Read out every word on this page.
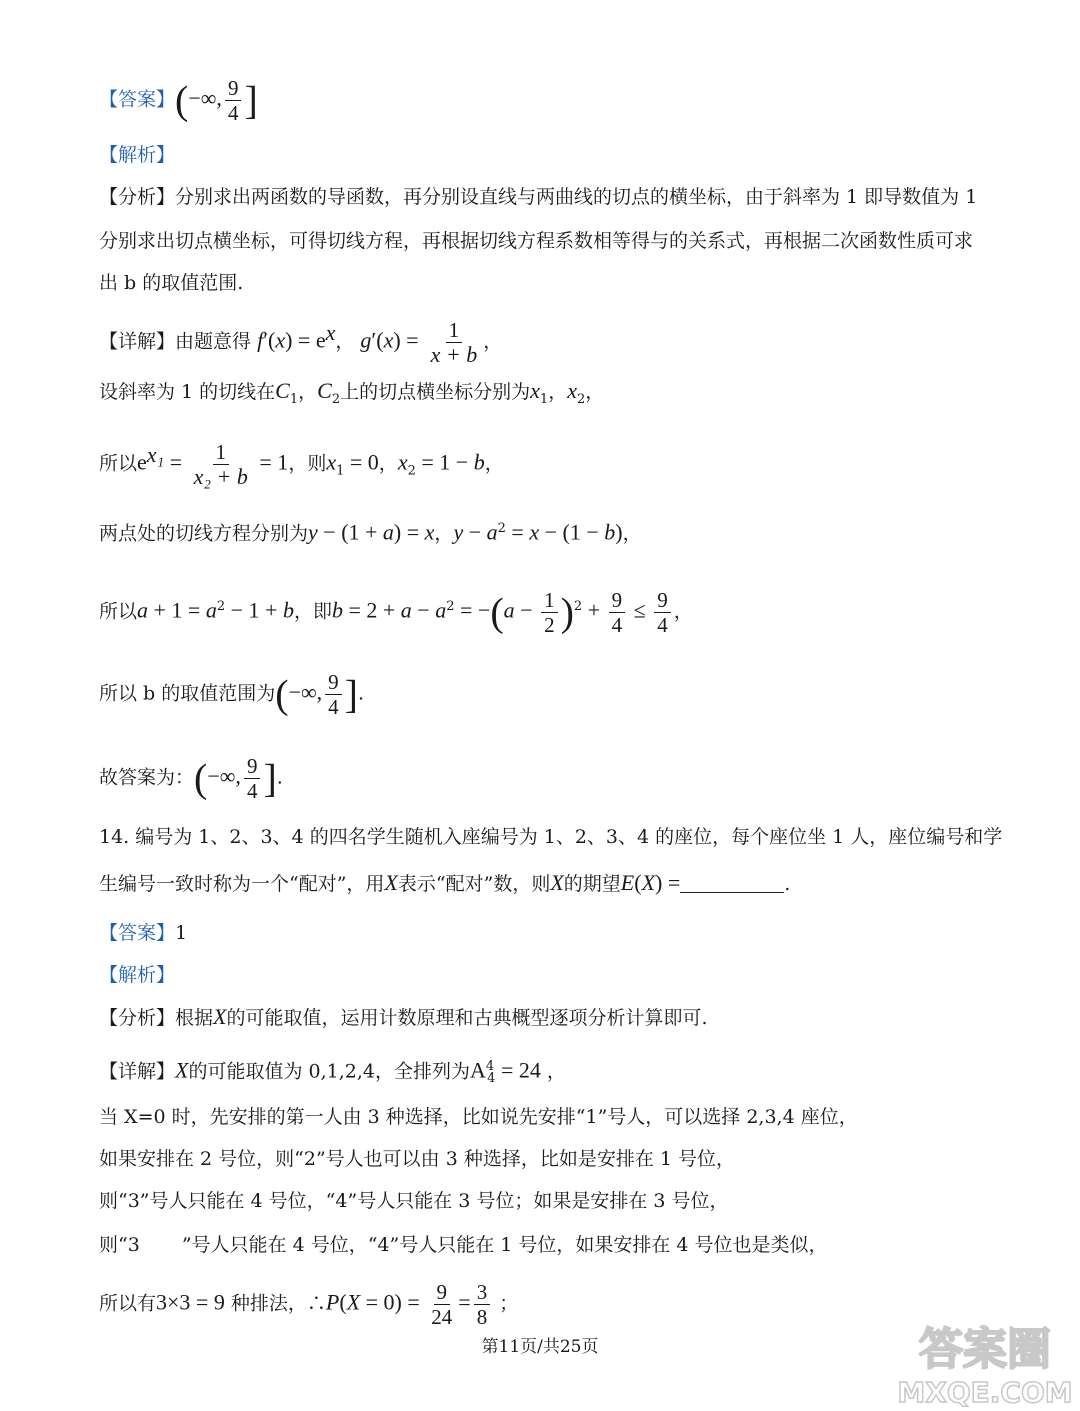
【答案】(−∞, $\frac{9}{4}$ ]
【解析】
【分析】分别求出两函数的导函数，再分别设直线与两曲线的切点的横坐标，由于斜率为 1 即导数值为 1
分别求出切点横坐标，可得切线方程，再根据切线方程系数相等得与的关系式，再根据二次函数性质可求
出 b 的取值范围.
【详解】由题意得 $f'(x) = e^x$， $g'(x) = \frac{1}{x + b}$ ，
设斜率为 1 的切线在$C_1$，$C_2$上的切点横坐标分别为$x_1$，$x_2$，
所以$e^{x_1} = \frac{1}{\text{x₂ + b}} = 1$，则$x_1 = 0$，$x_2 = 1 - b$，
两点处的切线方程分别为y − (1 + a) = x，$y - a^2 = x - (1 - b)$，
所以$a + 1 = a^2 - 1 + b$，即$b = 2 + a - a^2 = -(a - \frac{1}{2} )^2 + \frac{9}{4} \le \frac{9}{4}$ ，
所以 b 的取值范围为(−∞, $\frac{9}{4}$ ].
故答案为：(−∞, $\frac{9}{4}$ ].
14. 编号为 1、2、3、4 的四名学生随机入座编号为 1、2、3、4 的座位，每个座位坐 1 人，座位编号和学
生编号一致时称为一个“配对”，用X表示“配对”数，则X的期望E(X) =	.
【答案】1
【解析】
【分析】根据X的可能取值，运用计数原理和古典概型逐项分析计算即可.
【详解】X的可能取值为 0,1,2,4，全排列为$A^4_4 = 24$ ，
当 X=0 时，先安排的第一人由 3 种选择，比如说先安排“1”号人，可以选择 2,3,4 座位，
如果安排在 2 号位，则“2”号人也可以由 3 种选择，比如是安排在 1 号位，
则“3”号人只能在 4 号位，“4”号人只能在 3 号位；如果是安排在 3 号位，
则“3 ”号人只能在 4 号位，“4”号人只能在 1 号位，如果安排在 4 号位也是类似，
所以有3×3 = 9 种排法，∴P(X = $0) = \frac{9}{24} = \frac{3}{8}$ ；
第11页/共25页	答案圈
MXQE.COM
